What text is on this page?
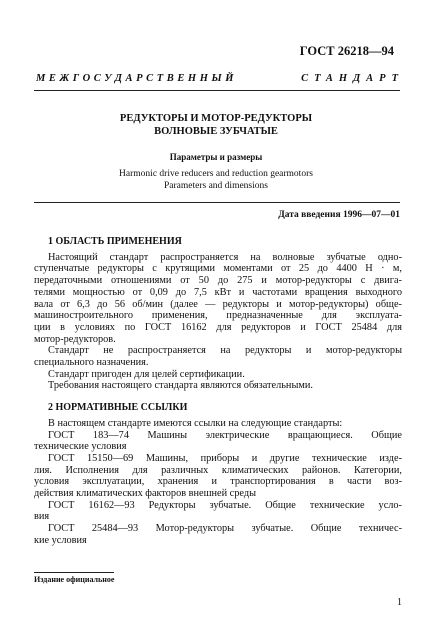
ГОСТ 26218—94
МЕЖГОСУДАРСТВЕННЫЙ	СТАНДАРТ
РЕДУКТОРЫ И МОТОР-РЕДУКТОРЫ
ВОЛНОВЫЕ ЗУБЧАТЫЕ
Параметры и размеры
Harmonic drive reducers and reduction gearmotors
Parameters and dimensions
Дата введения 1996—07—01
1 ОБЛАСТЬ ПРИМЕНЕНИЯ
Настоящий стандарт распространяется на волновые зубчатые одно-
ступенчатые редукторы с крутящими моментами от 25 до 4400 Н · м,
передаточными отношениями от 50 до 275 и мотор-редукторы с двига-
телями мощностью от 0,09 до 7,5 кВт и частотами вращения выходного
вала от 6,3 до 56 об/мин (далее — редукторы и мотор-редукторы) обще-
машиностроительного применения, предназначенные для эксплуата-
ции в условиях по ГОСТ 16162 для редукторов и ГОСТ 25484 для
мотор-редукторов.
Стандарт не распространяется на редукторы и мотор-редукторы
специального назначения.
Стандарт пригоден для целей сертификации.
Требования настоящего стандарта являются обязательными.
2 НОРМАТИВНЫЕ ССЫЛКИ
В настоящем стандарте имеются ссылки на следующие стандарты:
ГОСТ 183—74 Машины электрические вращающиеся. Общие
технические условия
ГОСТ 15150—69 Машины, приборы и другие технические изде-
лия. Исполнения для различных климатических районов. Категории,
условия эксплуатации, хранения и транспортирования в части воз-
действия климатических факторов внешней среды
ГОСТ 16162—93 Редукторы зубчатые. Общие технические усло-
вия
ГОСТ 25484—93 Мотор-редукторы зубчатые. Общие техничес-
кие условия
Издание официальное
1
